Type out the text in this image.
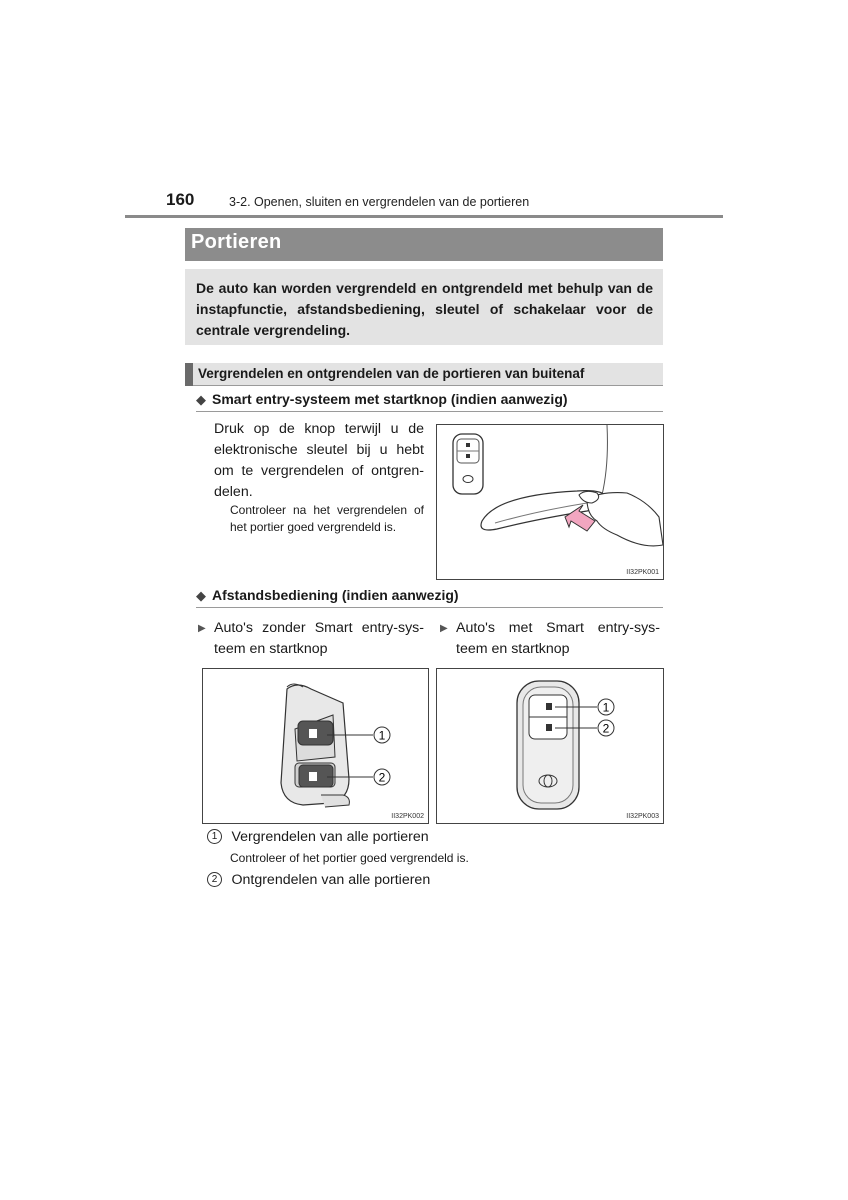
160	3-2. Openen, sluiten en vergrendelen van de portieren
Portieren
De auto kan worden vergrendeld en ontgrendeld met behulp van de instapfunctie, afstandsbediening, sleutel of schakelaar voor de centrale vergrendeling.
Vergrendelen en ontgrendelen van de portieren van buitenaf
◆ Smart entry-systeem met startknop (indien aanwezig)
Druk op de knop terwijl u de elektronische sleutel bij u hebt om te vergrendelen of ontgren-delen.
Controleer na het vergrendelen of het portier goed vergrendeld is.
II32PK001
◆ Afstandsbediening (indien aanwezig)
▶ Auto's zonder Smart entry-sys-teem en startknop
▶ Auto's met Smart entry-sys-teem en startknop
1
2
II32PK002
1
2
II32PK003
1 Vergrendelen van alle portieren
Controleer of het portier goed vergrendeld is.
2 Ontgrendelen van alle portieren
